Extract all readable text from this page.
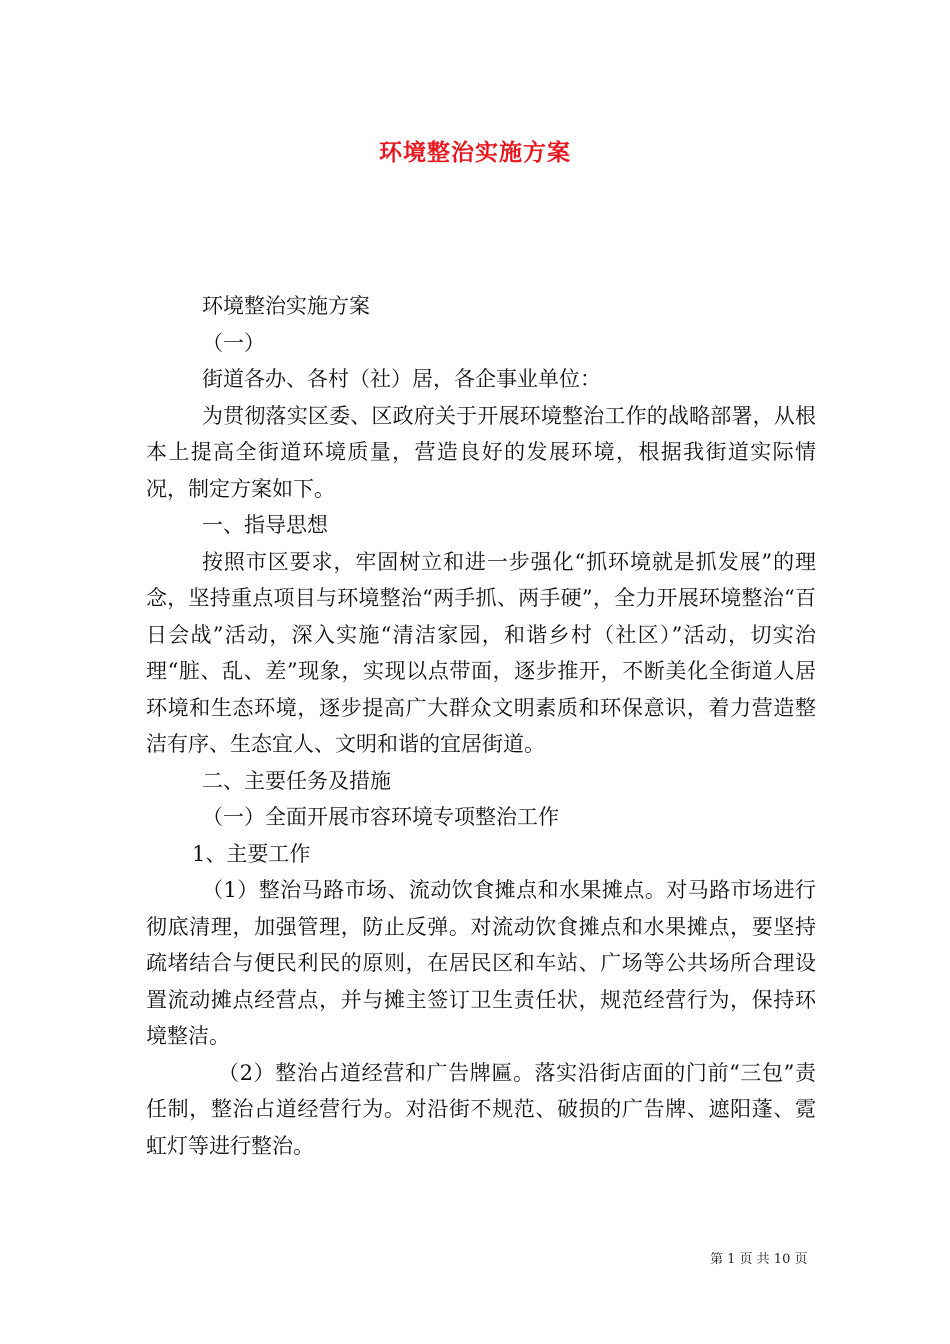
环境整治实施方案

环境整治实施方案

（一）

街道各办、各村（社）居，各企事业单位：

为贯彻落实区委、区政府关于开展环境整治工作的战略部署，从根本上提高全街道环境质量，营造良好的发展环境，根据我街道实际情况，制定方案如下。

一、指导思想

按照市区要求，牢固树立和进一步强化“抓环境就是抓发展”的理念，坚持重点项目与环境整治“两手抓、两手硬”，全力开展环境整治“百日会战”活动，深入实施“清洁家园，和谐乡村（社区）”活动，切实治理“脏、乱、差”现象，实现以点带面，逐步推开，不断美化全街道人居环境和生态环境，逐步提高广大群众文明素质和环保意识，着力营造整洁有序、生态宜人、文明和谐的宜居街道。

二、主要任务及措施

（一）全面开展市容环境专项整治工作

1、主要工作

（1）整治马路市场、流动饮食摊点和水果摊点。对马路市场进行彻底清理，加强管理，防止反弹。对流动饮食摊点和水果摊点，要坚持疏堵结合与便民利民的原则，在居民区和车站、广场等公共场所合理设置流动摊点经营点，并与摊主签订卫生责任状，规范经营行为，保持环境整洁。

（2）整治占道经营和广告牌匾。落实沿街店面的门前“三包”责任制，整治占道经营行为。对沿街不规范、破损的广告牌、遮阳蓬、霓虹灯等进行整治。

第 1 页 共 10 页
